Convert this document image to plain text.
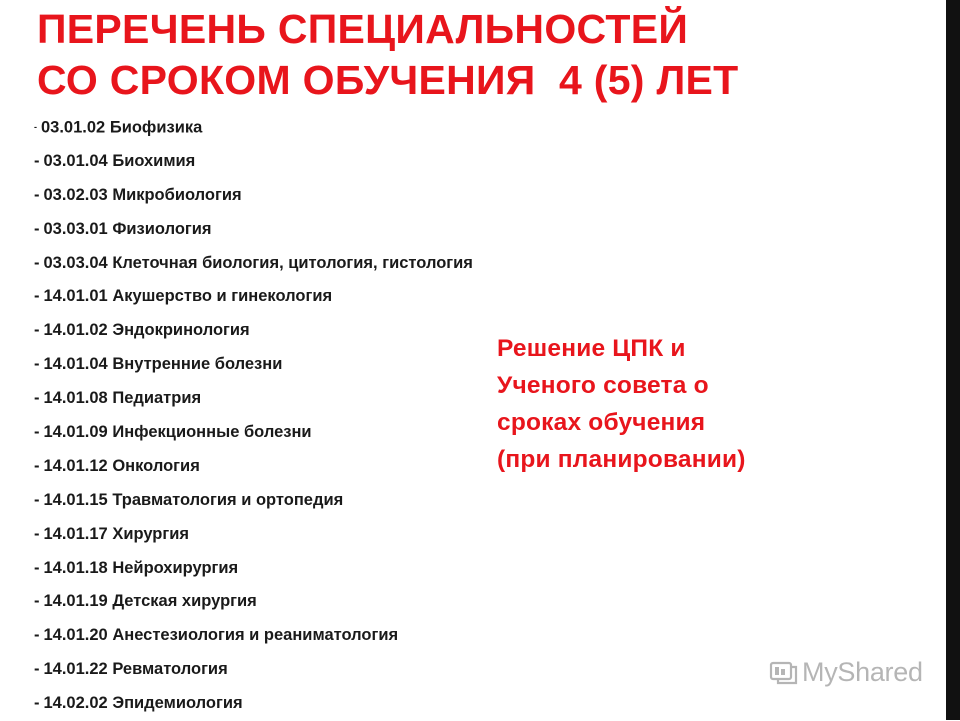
ПЕРЕЧЕНЬ СПЕЦИАЛЬНОСТЕЙ
СО СРОКОМ ОБУЧЕНИЯ  4 (5) ЛЕТ
- 03.01.02 Биофизика
- 03.01.04 Биохимия
- 03.02.03 Микробиология
- 03.03.01 Физиология
- 03.03.04 Клеточная биология, цитология, гистология
- 14.01.01 Акушерство и гинекология
- 14.01.02 Эндокринология
- 14.01.04 Внутренние болезни
- 14.01.08 Педиатрия
- 14.01.09 Инфекционные болезни
- 14.01.12 Онкология
- 14.01.15 Травматология и ортопедия
- 14.01.17 Хирургия
- 14.01.18 Нейрохирургия
- 14.01.19 Детская хирургия
- 14.01.20 Анестезиология и реаниматология
- 14.01.22 Ревматология
- 14.02.02 Эпидемиология

Решение ЦПК и
Ученого совета о
сроках обучения
(при планировании)

MyShared
